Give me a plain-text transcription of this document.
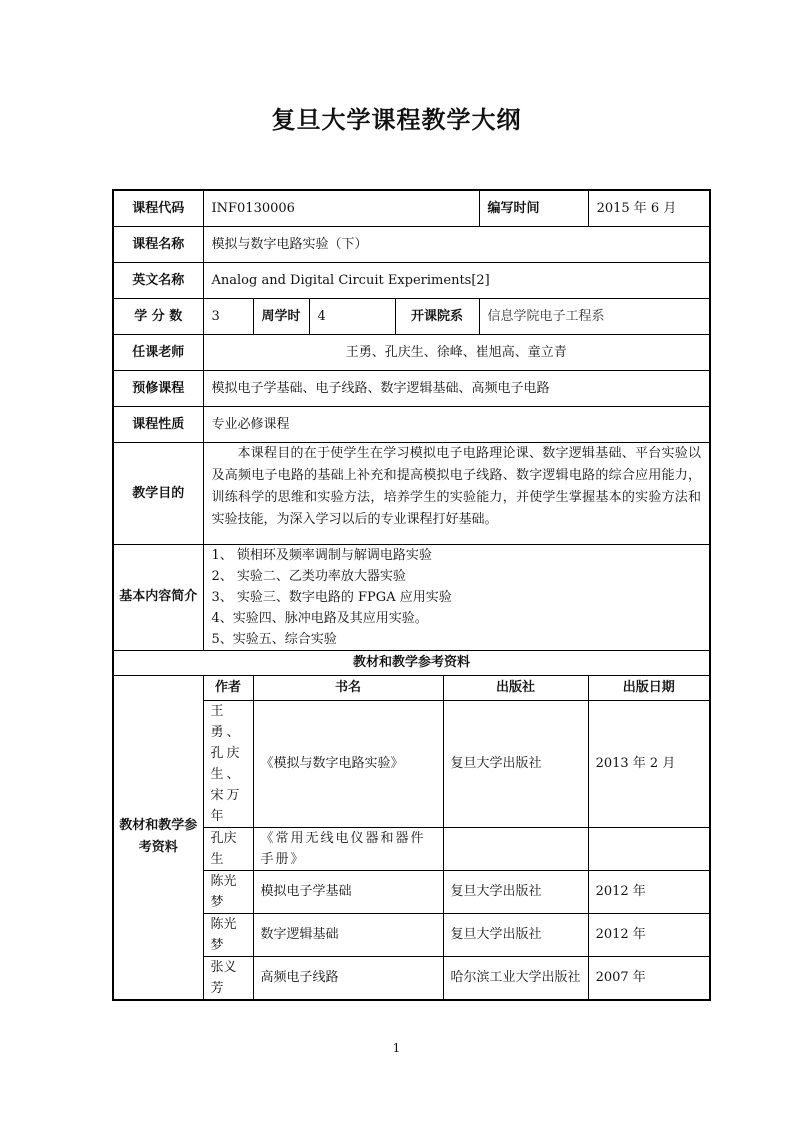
复旦大学课程教学大纲
课程代码	INF0130006					编写时间	2015 年 6 月
课程名称	模拟与数字电路实验（下）						
英文名称	Analog and Digital Circuit Experiments[2]						
学 分 数	3	周学时	4	开课院系		信息学院电子工程系	
任课老师	王勇、孔庆生、徐峰、崔旭高、童立青						
预修课程	模拟电子学基础、电子线路、数字逻辑基础、高频电子电路						
课程性质	专业必修课程						
教学目的	本课程目的在于使学生在学习模拟电子电路理论课、数字逻辑基础、平台实验以及高频电子电路的基础上补充和提高模拟电子线路、数字逻辑电路的综合应用能力，训练科学的思维和实验方法，培养学生的实验能力，并使学生掌握基本的实验方法和实验技能，为深入学习以后的专业课程打好基础。						
基本内容简介	1、 锁相环及频率调制与解调电路实验
2、 实验二、乙类功率放大器实验
3、 实验三、数字电路的 FPGA 应用实验
4、实验四、脉冲电路及其应用实验。
5、实验五、综合实验						

教材和教学参考资料							
教材和教学参考资料	作者	书名			出版社		出版日期
	王勇、孔庆生、宋万年	《模拟与数字电路实验》			复旦大学出版社		2013 年 2 月
	孔庆生	《常用无线电仪器和器件手册》					
	陈光梦	模拟电子学基础			复旦大学出版社		2012 年
	陈光梦	数字逻辑基础			复旦大学出版社		2012 年
	张义芳	高频电子线路			哈尔滨工业大学出版社		2007 年
1
